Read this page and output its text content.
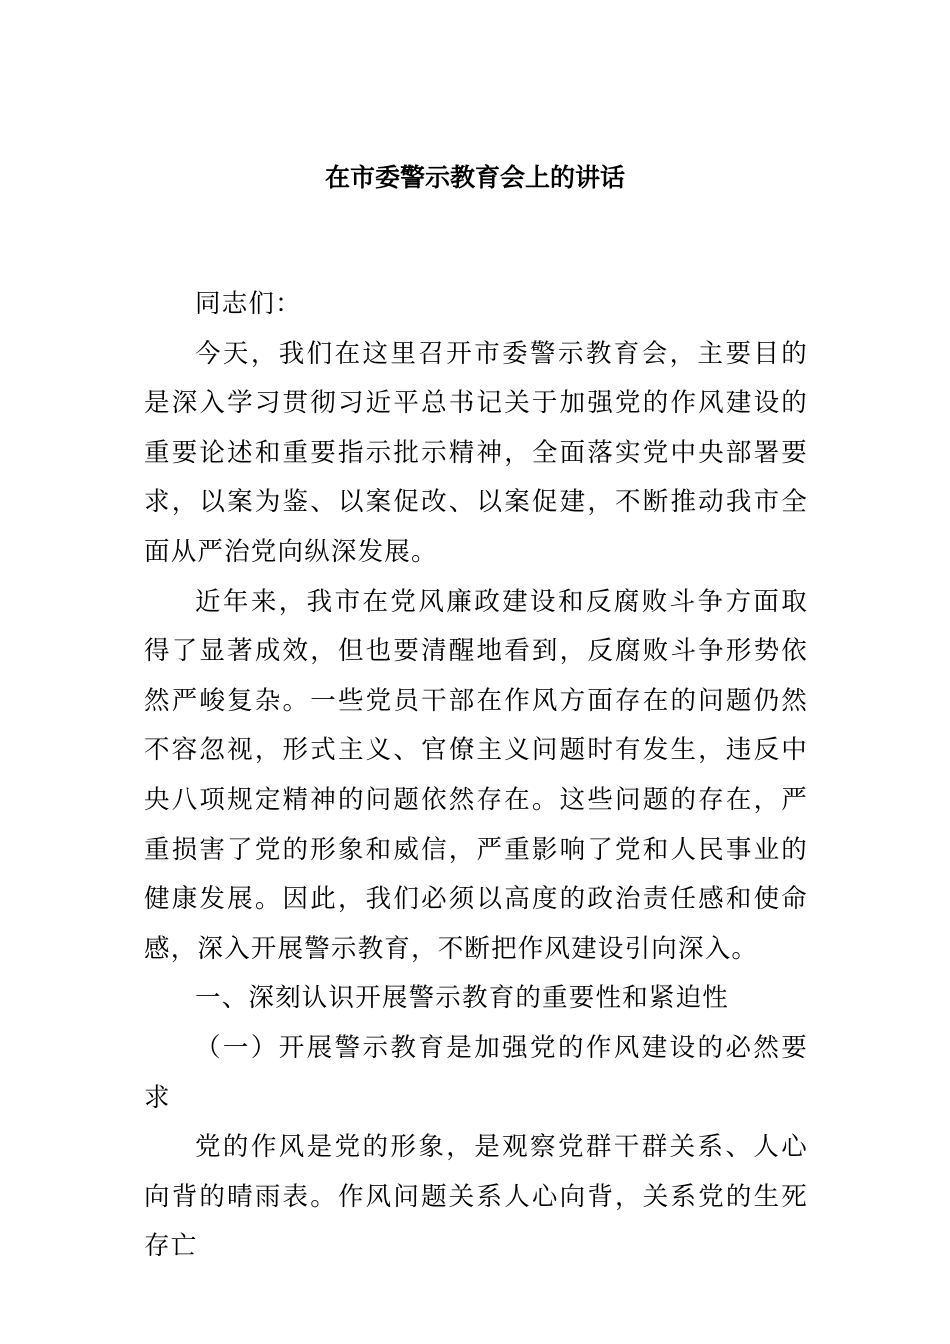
在市委警示教育会上的讲话

同志们：

今天，我们在这里召开市委警示教育会，主要目的是深入学习贯彻习近平总书记关于加强党的作风建设的重要论述和重要指示批示精神，全面落实党中央部署要求，以案为鉴、以案促改、以案促建，不断推动我市全面从严治党向纵深发展。

近年来，我市在党风廉政建设和反腐败斗争方面取得了显著成效，但也要清醒地看到，反腐败斗争形势依然严峻复杂。一些党员干部在作风方面存在的问题仍然不容忽视，形式主义、官僚主义问题时有发生，违反中央八项规定精神的问题依然存在。这些问题的存在，严重损害了党的形象和威信，严重影响了党和人民事业的健康发展。因此，我们必须以高度的政治责任感和使命感，深入开展警示教育，不断把作风建设引向深入。

一、深刻认识开展警示教育的重要性和紧迫性

（一）开展警示教育是加强党的作风建设的必然要求

党的作风是党的形象，是观察党群干群关系、人心向背的晴雨表。作风问题关系人心向背，关系党的生死存亡
